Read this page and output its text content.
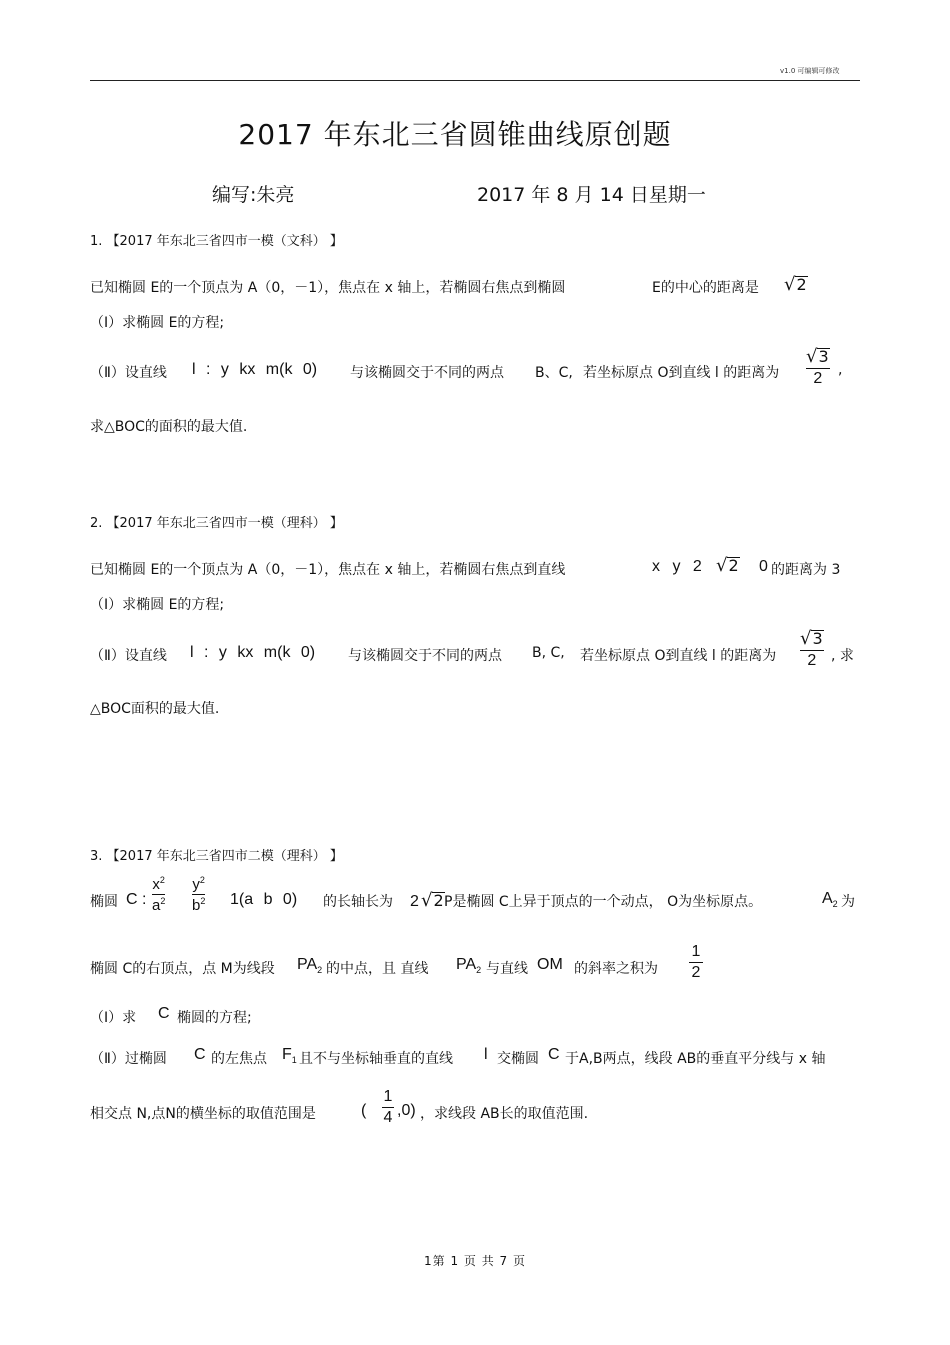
v1.0 可编辑可修改
2017 年东北三省圆锥曲线原创题
编写:朱亮	2017 年 8 月 14 日星期一
1. 【2017 年东北三省四市一模（文科） 】
已知椭圆 E的一个顶点为 A（0，－1），焦点在 x 轴上，若椭圆右焦点到椭圆	E的中心的距离是 √ 2
（Ⅰ）求椭圆 E的方程;
（Ⅱ）设直线 l : y kx m(k 0) 与该椭圆交于不同的两点 B、C, 若坐标原点 O到直线 l 的距离为 $\frac{√ 3}{2}$ ,
求△BOC的面积的最大值.
2. 【2017 年东北三省四市一模（理科） 】
已知椭圆 E的一个顶点为 A（0，－1），焦点在 x 轴上，若椭圆右焦点到直线	x y 2 √ 2 0 的距离为 3
（Ⅰ）求椭圆 E的方程;
（Ⅱ）设直线 l : y kx m(k 0) 与该椭圆交于不同的两点 B, C, 若坐标原点 O到直线 l 的距离为 $\frac{√ 3}{2}$ , 求
△BOC面积的最大值.
3. 【2017 年东北三省四市二模（理科） 】
椭圆 C : $\frac{x^2}{a^2} \frac{y^2}{b^2} 1(a$ b 0) 的长轴长为 2 √ 2 P是椭圆 C上异于顶点的一个动点， O为坐标原点。	$A_2$ 为
椭圆 C的右顶点，点 M为线段 $PA_2$ 的中点，且 直线 $PA_2$ 与直线 OM 的斜率之积为 $\frac{1}{2}$
（Ⅰ）求 C 椭圆的方程;
（Ⅱ）过椭圆 C 的左焦点 $F_1$ 且不与坐标轴垂直的直线 l 交椭圆 C 于A,B两点，线段 AB的垂直平分线与 x 轴
相交点 N,点N的横坐标的取值范围是	( $\frac{1}{4} ,0$) ，求线段 AB长的取值范围.
1第 1 页 共 7 页
